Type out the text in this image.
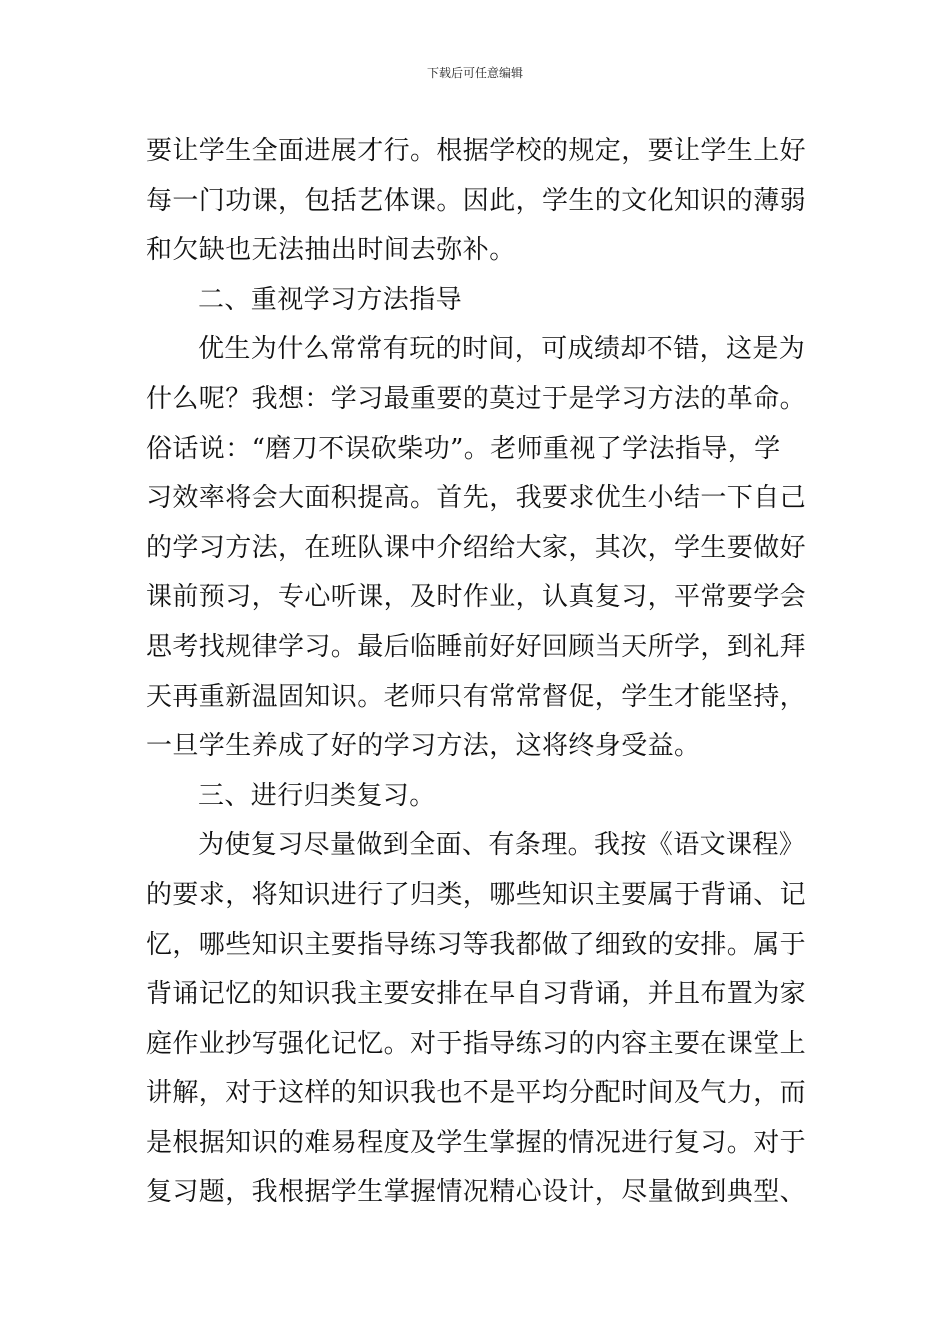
下载后可任意编辑
要让学生全面进展才行。根据学校的规定，要让学生上好
每一门功课，包括艺体课。因此，学生的文化知识的薄弱
和欠缺也无法抽出时间去弥补。
二、重视学习方法指导
优生为什么常常有玩的时间，可成绩却不错，这是为
什么呢？我想：学习最重要的莫过于是学习方法的革命。
俗话说：“磨刀不误砍柴功”。老师重视了学法指导，学
习效率将会大面积提高。首先，我要求优生小结一下自己
的学习方法，在班队课中介绍给大家，其次，学生要做好
课前预习，专心听课，及时作业，认真复习，平常要学会
思考找规律学习。最后临睡前好好回顾当天所学，到礼拜
天再重新温固知识。老师只有常常督促，学生才能坚持，
一旦学生养成了好的学习方法，这将终身受益。
三、进行归类复习。
为使复习尽量做到全面、有条理。我按《语文课程》
的要求，将知识进行了归类，哪些知识主要属于背诵、记
忆，哪些知识主要指导练习等我都做了细致的安排。属于
背诵记忆的知识我主要安排在早自习背诵，并且布置为家
庭作业抄写强化记忆。对于指导练习的内容主要在课堂上
讲解，对于这样的知识我也不是平均分配时间及气力，而
是根据知识的难易程度及学生掌握的情况进行复习。对于
复习题，我根据学生掌握情况精心设计，尽量做到典型、
